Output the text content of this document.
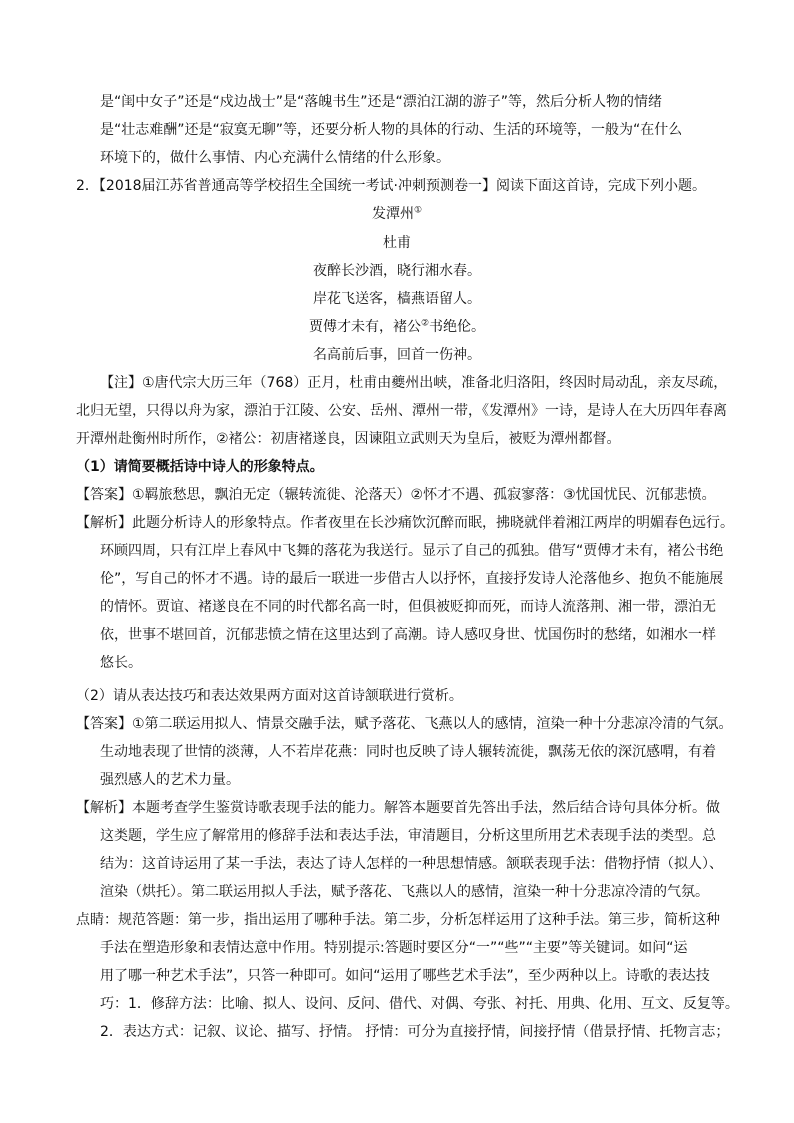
是“闺中女子”还是“戍边战士”是“落魄书生”还是“漂泊江湖的游子”等，然后分析人物的情绪
是“壮志难酬”还是“寂寞无聊”等，还要分析人物的具体的行动、生活的环境等，一般为“在什么
环境下的，做什么事情、内心充满什么情绪的什么形象。
2．【2018届江苏省普通高等学校招生全国统一考试·冲刺预测卷一】阅读下面这首诗，完成下列小题。
发潭州①
杜甫
夜醉长沙酒，晓行湘水春。
岸花飞送客，樯燕语留人。
贾傅才未有，褚公②书绝伦。
名高前后事，回首一伤神。
【注】①唐代宗大历三年（768）正月，杜甫由夔州出峡，准备北归洛阳，终因时局动乱，亲友尽疏，
北归无望，只得以舟为家，漂泊于江陵、公安、岳州、潭州一带，《发潭州》一诗，是诗人在大历四年春离
开潭州赴衡州时所作，②褚公：初唐褚遂良，因谏阻立武则天为皇后，被贬为潭州都督。
（1）请简要概括诗中诗人的形象特点。
【答案】①羁旅愁思，飘泊无定（辗转流徙、沦落天）②怀才不遇、孤寂寥落：③忧国忧民、沉郁悲愤。
【解析】此题分析诗人的形象特点。作者夜里在长沙痛饮沉醉而眠，拂晓就伴着湘江两岸的明媚春色远行。
环顾四周，只有江岸上春风中飞舞的落花为我送行。显示了自己的孤独。借写“贾傅才未有，褚公书绝
伦”，写自己的怀才不遇。诗的最后一联进一步借古人以抒怀，直接抒发诗人沦落他乡、抱负不能施展
的情怀。贾谊、褚遂良在不同的时代都名高一时，但俱被贬抑而死，而诗人流落荆、湘一带，漂泊无
依，世事不堪回首，沉郁悲愤之情在这里达到了高潮。诗人感叹身世、忧国伤时的愁绪，如湘水一样
悠长。
（2）请从表达技巧和表达效果两方面对这首诗颔联进行赏析。
【答案】①第二联运用拟人、情景交融手法，赋予落花、飞燕以人的感情，渲染一种十分悲凉冷清的气氛。
生动地表现了世情的淡薄，人不若岸花燕：同时也反映了诗人辗转流徙，飘荡无依的深沉感喟，有着
强烈感人的艺术力量。
【解析】本题考查学生鉴赏诗歌表现手法的能力。解答本题要首先答出手法，然后结合诗句具体分析。做
这类题，学生应了解常用的修辞手法和表达手法，审清题目，分析这里所用艺术表现手法的类型。总
结为：这首诗运用了某一手法，表达了诗人怎样的一种思想情感。颔联表现手法：借物抒情（拟人）、
渲染（烘托）。第二联运用拟人手法，赋予落花、飞燕以人的感情，渲染一种十分悲凉冷清的气氛。
点睛：规范答题：第一步，指出运用了哪种手法。第二步，分析怎样运用了这种手法。第三步，简析这种
手法在塑造形象和表情达意中作用。特别提示:答题时要区分“一”“些”“主要”等关键词。如问“运
用了哪一种艺术手法”，只答一种即可。如问“运用了哪些艺术手法”，至少两种以上。诗歌的表达技
巧：1．修辞方法：比喻、拟人、设问、反问、借代、对偶、夸张、衬托、用典、化用、互文、反复等。
2．表达方式：记叙、议论、描写、抒情。 抒情：可分为直接抒情，间接抒情（借景抒情、托物言志；
